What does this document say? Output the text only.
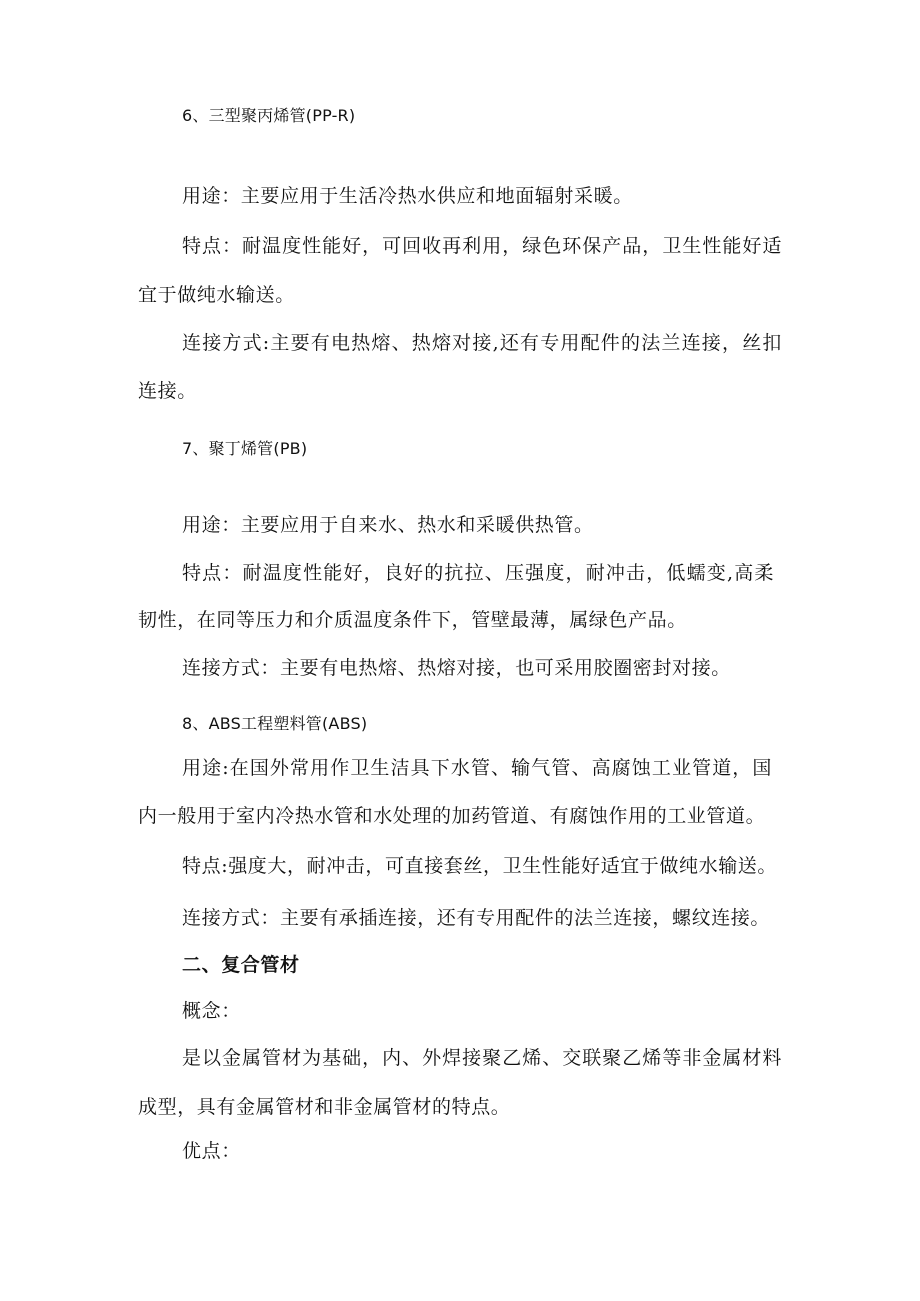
6、三型聚丙烯管(PP-R)

用途：主要应用于生活冷热水供应和地面辐射采暖。

特点：耐温度性能好，可回收再利用，绿色环保产品，卫生性能好适

宜于做纯水输送。

连接方式:主要有电热熔、热熔对接,还有专用配件的法兰连接，丝扣

连接。

7、聚丁烯管(PB)

用途：主要应用于自来水、热水和采暖供热管。

特点：耐温度性能好，良好的抗拉、压强度，耐冲击，低蠕变,高柔

韧性，在同等压力和介质温度条件下，管壁最薄，属绿色产品。

连接方式：主要有电热熔、热熔对接，也可采用胶圈密封对接。

8、ABS工程塑料管(ABS)

用途:在国外常用作卫生洁具下水管、输气管、高腐蚀工业管道，国

内一般用于室内冷热水管和水处理的加药管道、有腐蚀作用的工业管道。

特点:强度大，耐冲击，可直接套丝，卫生性能好适宜于做纯水输送。

连接方式：主要有承插连接，还有专用配件的法兰连接，螺纹连接。

二、复合管材

概念：

是以金属管材为基础，内、外焊接聚乙烯、交联聚乙烯等非金属材料

成型，具有金属管材和非金属管材的特点。

优点：
